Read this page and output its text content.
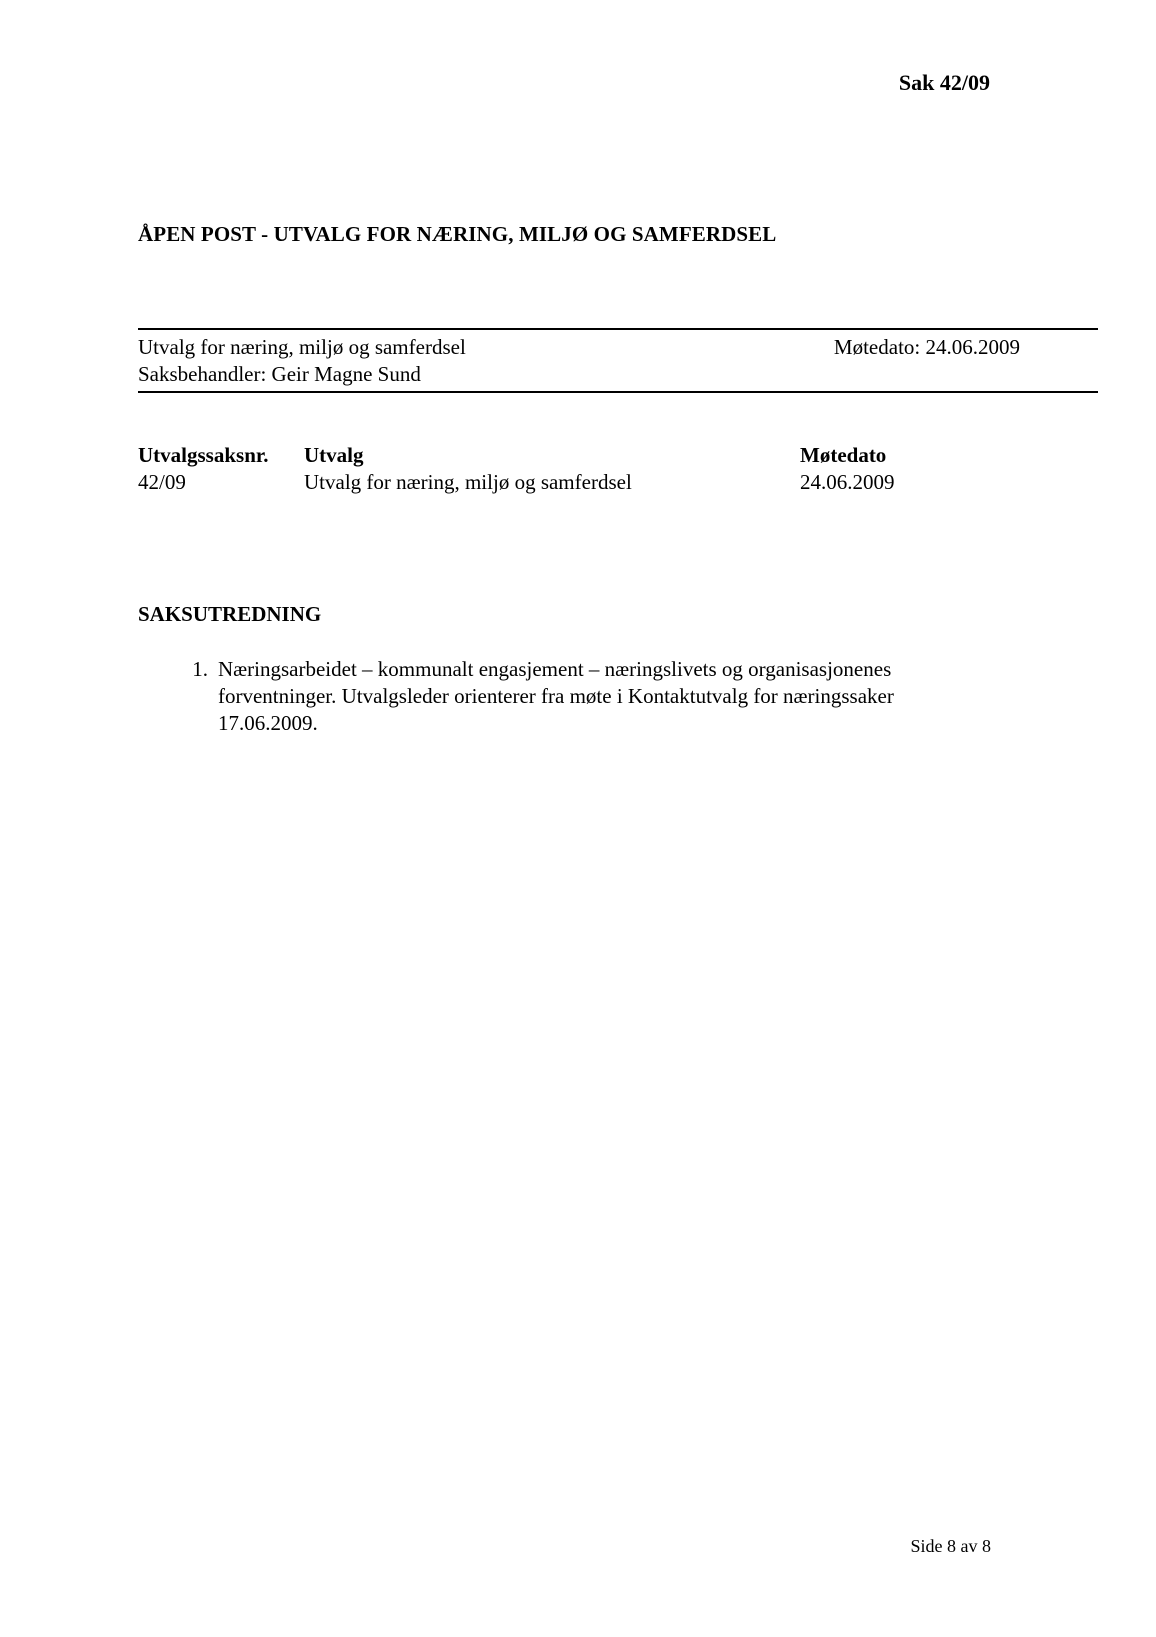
Sak 42/09
ÅPEN POST - UTVALG FOR NÆRING, MILJØ OG SAMFERDSEL
Utvalg for næring, miljø og samferdsel	Møtedato: 24.06.2009
Saksbehandler: Geir Magne Sund
Utvalgssaksnr.	Utvalg	Møtedato
42/09	Utvalg for næring, miljø og samferdsel	24.06.2009
SAKSUTREDNING
1. Næringsarbeidet – kommunalt engasjement – næringslivets og organisasjonenes forventninger. Utvalgsleder orienterer fra møte i Kontaktutvalg for næringssaker 17.06.2009.
Side 8 av 8
